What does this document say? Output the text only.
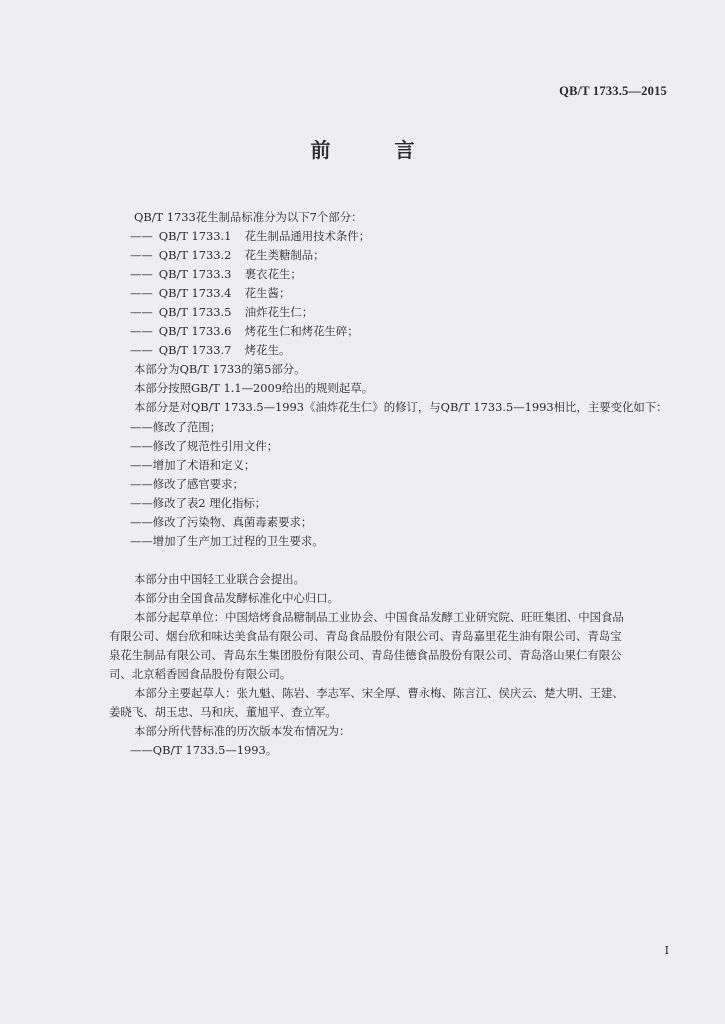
QB/T 1733.5—2015
前　言
QB/T 1733花生制品标准分为以下7个部分：
—— QB/T 1733.1 花生制品通用技术条件；
—— QB/T 1733.2 花生类糖制品；
—— QB/T 1733.3 裹衣花生；
—— QB/T 1733.4 花生酱；
—— QB/T 1733.5 油炸花生仁；
—— QB/T 1733.6 烤花生仁和烤花生碎；
—— QB/T 1733.7 烤花生。
本部分为QB/T 1733的第5部分。
本部分按照GB/T 1.1—2009给出的规则起草。
本部分是对QB/T 1733.5—1993《油炸花生仁》的修订，与QB/T 1733.5—1993相比，主要变化如下：
——修改了范围；
——修改了规范性引用文件；
——增加了术语和定义；
——修改了感官要求；
——修改了表2 理化指标；
——修改了污染物、真菌毒素要求；
——增加了生产加工过程的卫生要求。
本部分由中国轻工业联合会提出。
本部分由全国食品发酵标准化中心归口。
本部分起草单位：中国焙烤食品糖制品工业协会、中国食品发酵工业研究院、旺旺集团、中国食品
有限公司、烟台欣和味达美食品有限公司、青岛食品股份有限公司、青岛嘉里花生油有限公司、青岛宝
泉花生制品有限公司、青岛东生集团股份有限公司、青岛佳德食品股份有限公司、青岛洛山果仁有限公
司、北京稻香园食品股份有限公司。
本部分主要起草人：张九魁、陈岩、李志军、宋全厚、曹永梅、陈言江、侯庆云、楚大明、王建、
姜晓飞、胡玉忠、马和庆、董旭平、查立军。
本部分所代替标准的历次版本发布情况为：
——QB/T 1733.5—1993。
I
